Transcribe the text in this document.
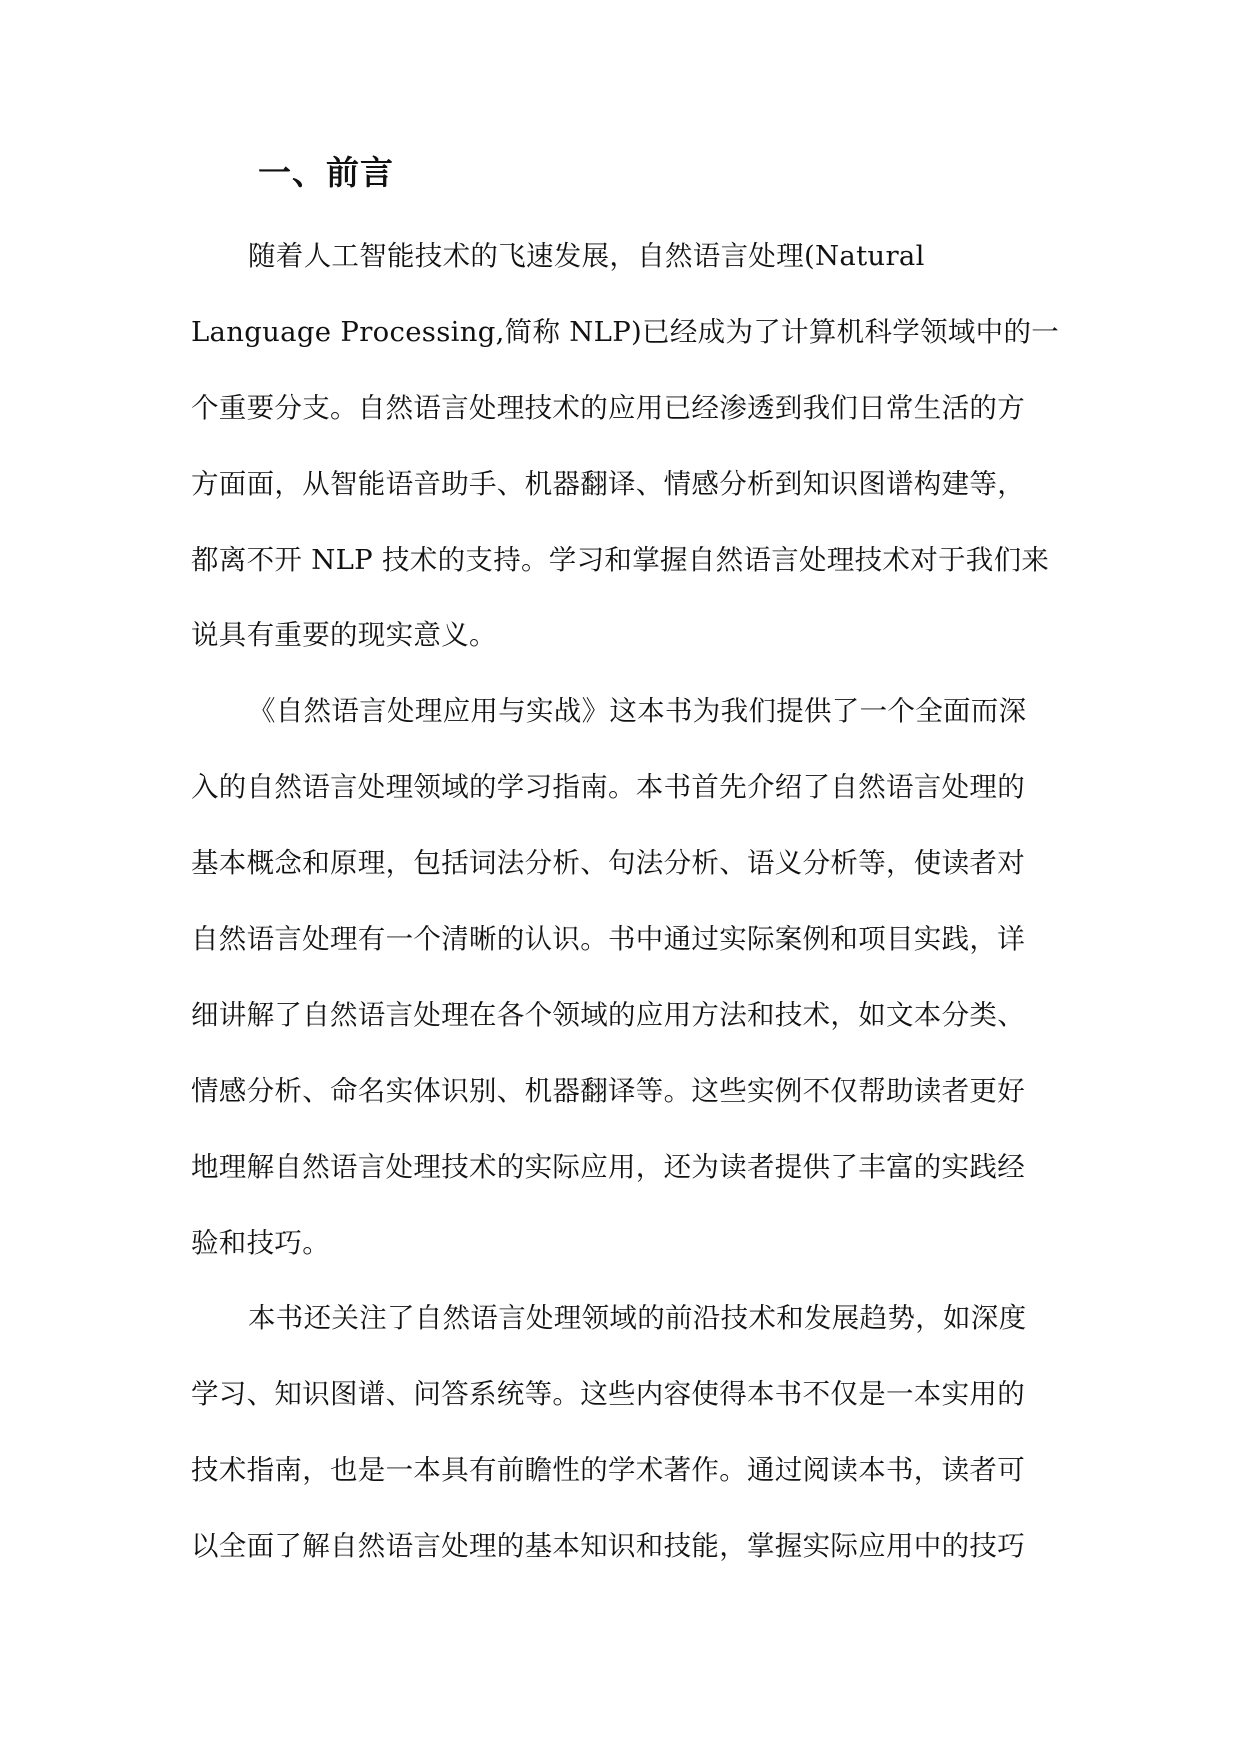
一、前言
随着人工智能技术的飞速发展，自然语言处理(Natural
Language Processing,简称 NLP)已经成为了计算机科学领域中的一
个重要分支。自然语言处理技术的应用已经渗透到我们日常生活的方
方面面，从智能语音助手、机器翻译、情感分析到知识图谱构建等，
都离不开 NLP 技术的支持。学习和掌握自然语言处理技术对于我们来
说具有重要的现实意义。
《自然语言处理应用与实战》这本书为我们提供了一个全面而深
入的自然语言处理领域的学习指南。本书首先介绍了自然语言处理的
基本概念和原理，包括词法分析、句法分析、语义分析等，使读者对
自然语言处理有一个清晰的认识。书中通过实际案例和项目实践，详
细讲解了自然语言处理在各个领域的应用方法和技术，如文本分类、
情感分析、命名实体识别、机器翻译等。这些实例不仅帮助读者更好
地理解自然语言处理技术的实际应用，还为读者提供了丰富的实践经
验和技巧。
本书还关注了自然语言处理领域的前沿技术和发展趋势，如深度
学习、知识图谱、问答系统等。这些内容使得本书不仅是一本实用的
技术指南，也是一本具有前瞻性的学术著作。通过阅读本书，读者可
以全面了解自然语言处理的基本知识和技能，掌握实际应用中的技巧
